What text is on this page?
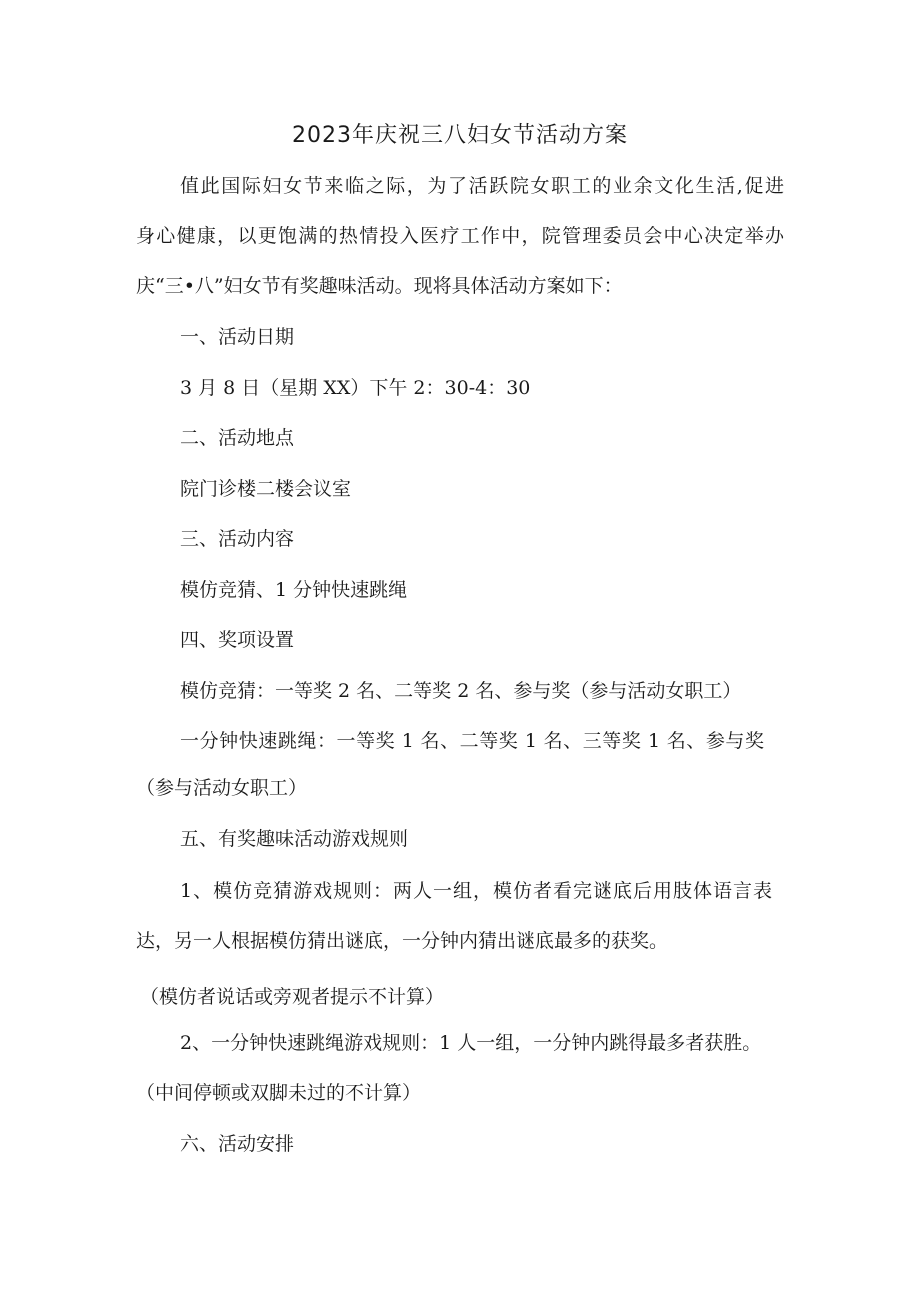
2023年庆祝三八妇女节活动方案
值此国际妇女节来临之际，为了活跃院女职工的业余文化生活,促进
身心健康，以更饱满的热情投入医疗工作中，院管理委员会中心决定举办
庆“三•八”妇女节有奖趣味活动。现将具体活动方案如下：
一、活动日期
3 月 8 日（星期 XX）下午 2：30-4：30
二、活动地点
院门诊楼二楼会议室
三、活动内容
模仿竞猜、1 分钟快速跳绳
四、奖项设置
模仿竞猜：一等奖 2 名、二等奖 2 名、参与奖（参与活动女职工）
一分钟快速跳绳：一等奖 1 名、二等奖 1 名、三等奖 1 名、参与奖
（参与活动女职工）
五、有奖趣味活动游戏规则
1、模仿竞猜游戏规则：两人一组，模仿者看完谜底后用肢体语言表
达，另一人根据模仿猜出谜底，一分钟内猜出谜底最多的获奖。
（模仿者说话或旁观者提示不计算）
2、一分钟快速跳绳游戏规则：1 人一组，一分钟内跳得最多者获胜。
（中间停顿或双脚未过的不计算）
六、活动安排
